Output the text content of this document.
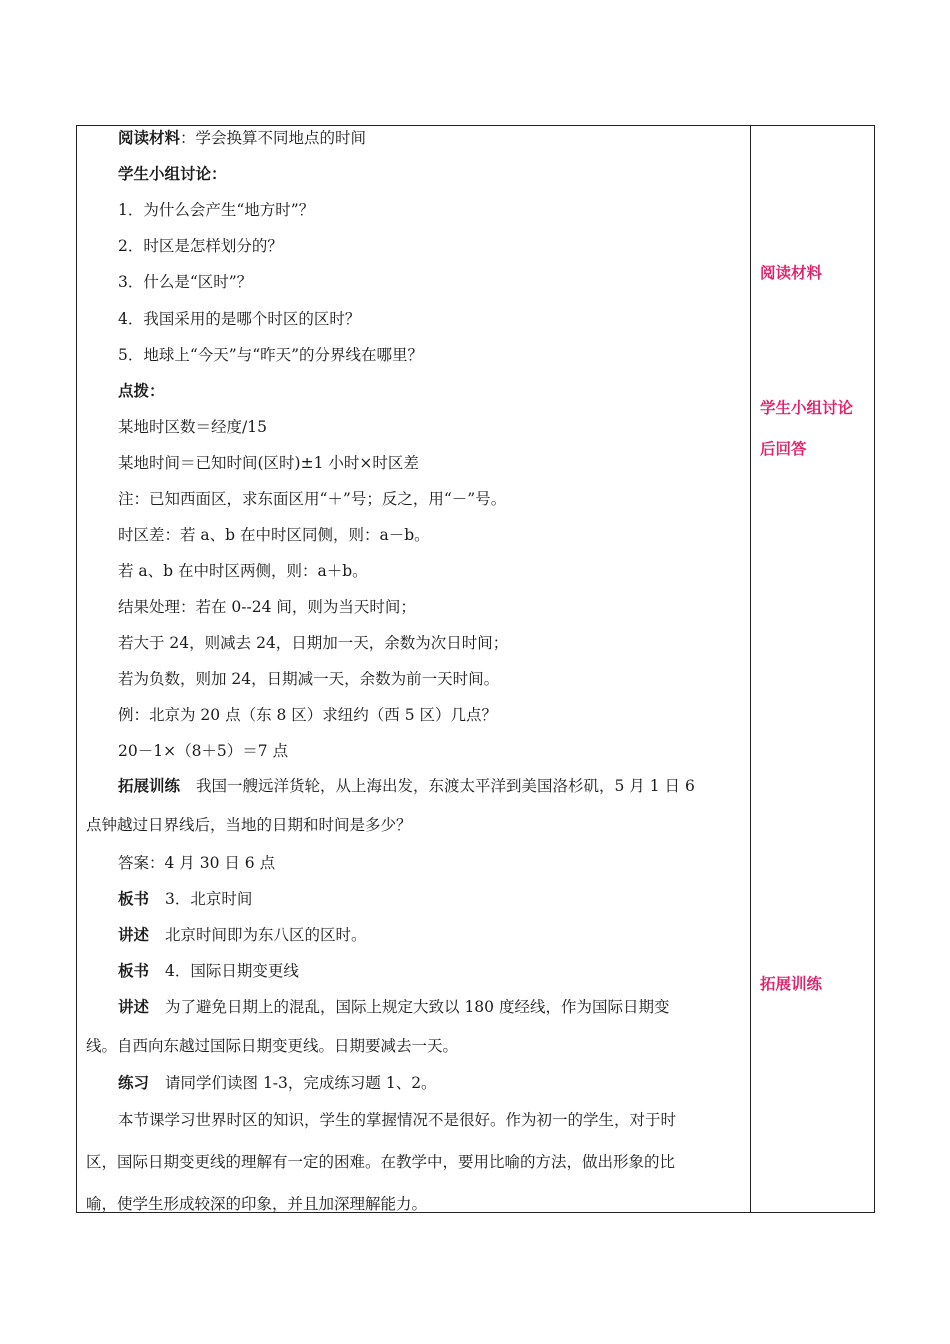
阅读材料：学会换算不同地点的时间
学生小组讨论：
1．为什么会产生“地方时”？
2．时区是怎样划分的？
3．什么是“区时”？
4．我国采用的是哪个时区的区时？
5．地球上“今天”与“昨天”的分界线在哪里？
点拨：
某地时区数＝经度/15
某地时间＝已知时间(区时)±1 小时×时区差
注：已知西面区，求东面区用“＋”号；反之，用“－”号。
时区差：若 a、b 在中时区同侧，则：a－b。
若 a、b 在中时区两侧，则：a＋b。
结果处理：若在 0--24 间，则为当天时间；
若大于 24，则减去 24，日期加一天，余数为次日时间；
若为负数，则加 24，日期减一天，余数为前一天时间。
例：北京为 20 点（东 8 区）求纽约（西 5 区）几点？
20－1×（8＋5）＝7 点
拓展训练 我国一艘远洋货轮，从上海出发，东渡太平洋到美国洛杉矶，5 月 1 日 6
点钟越过日界线后，当地的日期和时间是多少？
答案：4 月 30 日 6 点
板书 3．北京时间
讲述 北京时间即为东八区的区时。
板书 4．国际日期变更线
讲述 为了避免日期上的混乱，国际上规定大致以 180 度经线，作为国际日期变
线。自西向东越过国际日期变更线。日期要减去一天。
练习 请同学们读图 1-3，完成练习题 1、2。
本节课学习世界时区的知识，学生的掌握情况不是很好。作为初一的学生，对于时
区，国际日期变更线的理解有一定的困难。在教学中，要用比喻的方法，做出形象的比
喻，使学生形成较深的印象，并且加深理解能力。
阅读材料
学生小组讨论
后回答
拓展训练
